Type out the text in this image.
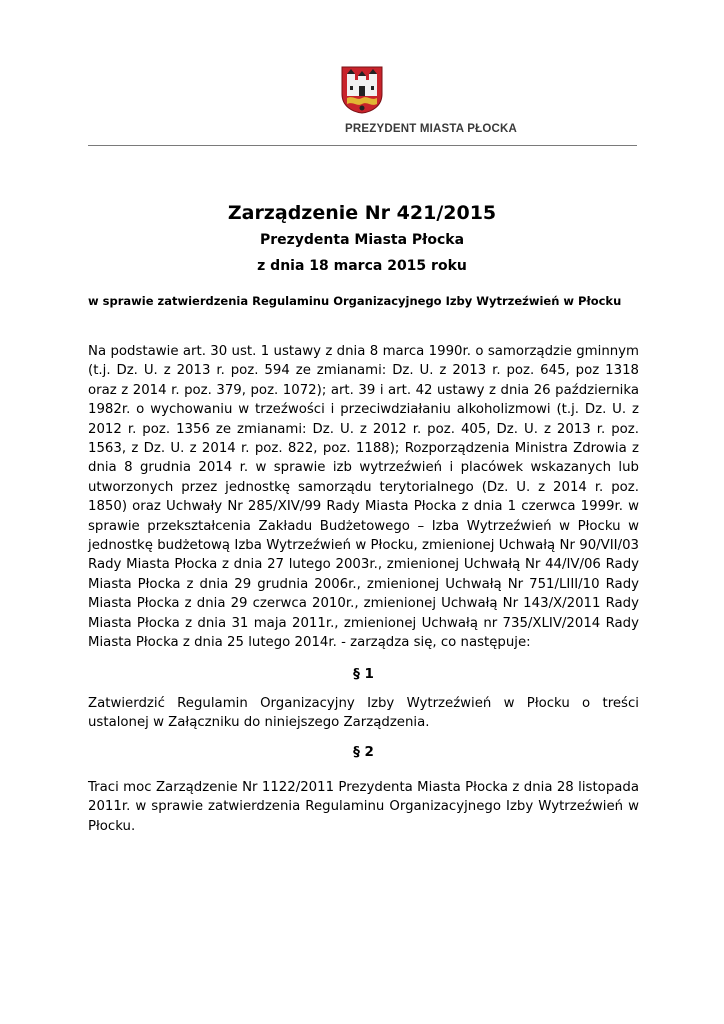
PREZYDENT MIASTA PŁOCKA
Zarządzenie Nr 421/2015
Prezydenta Miasta Płocka
z dnia 18 marca 2015 roku
w sprawie zatwierdzenia Regulaminu Organizacyjnego Izby Wytrzeźwień w Płocku

Na podstawie art. 30 ust. 1 ustawy z dnia 8 marca 1990r. o samorządzie gminnym (t.j. Dz. U. z 2013 r. poz. 594 ze zmianami: Dz. U. z 2013 r. poz. 645, poz 1318 oraz z 2014 r. poz. 379, poz. 1072); art. 39 i art. 42 ustawy z dnia 26 października 1982r. o wychowaniu w trzeźwości i przeciwdziałaniu alkoholizmowi (t.j. Dz. U. z 2012 r. poz. 1356 ze zmianami: Dz. U. z 2012 r. poz. 405, Dz. U. z 2013 r. poz. 1563, z Dz. U. z 2014 r. poz. 822, poz. 1188); Rozporządzenia Ministra Zdrowia z dnia 8 grudnia 2014 r. w sprawie izb wytrzeźwień i placówek wskazanych lub utworzonych przez jednostkę samorządu terytorialnego (Dz. U. z 2014 r. poz. 1850) oraz Uchwały Nr 285/XIV/99 Rady Miasta Płocka z dnia 1 czerwca 1999r. w sprawie przekształcenia Zakładu Budżetowego – Izba Wytrzeźwień w Płocku w jednostkę budżetową Izba Wytrzeźwień w Płocku, zmienionej Uchwałą Nr 90/VII/03 Rady Miasta Płocka z dnia 27 lutego 2003r., zmienionej Uchwałą Nr 44/IV/06 Rady Miasta Płocka z dnia 29 grudnia 2006r., zmienionej Uchwałą Nr 751/LIII/10 Rady Miasta Płocka z dnia 29 czerwca 2010r., zmienionej Uchwałą Nr 143/X/2011 Rady Miasta Płocka z dnia 31 maja 2011r., zmienionej Uchwałą nr 735/XLIV/2014 Rady Miasta Płocka z dnia 25 lutego 2014r. - zarządza się, co następuje:

§ 1

Zatwierdzić Regulamin Organizacyjny Izby Wytrzeźwień w Płocku o treści ustalonej w Załączniku do niniejszego Zarządzenia.

§ 2

Traci moc Zarządzenie Nr 1122/2011 Prezydenta Miasta Płocka z dnia 28 listopada 2011r. w sprawie zatwierdzenia Regulaminu Organizacyjnego Izby Wytrzeźwień w Płocku.
